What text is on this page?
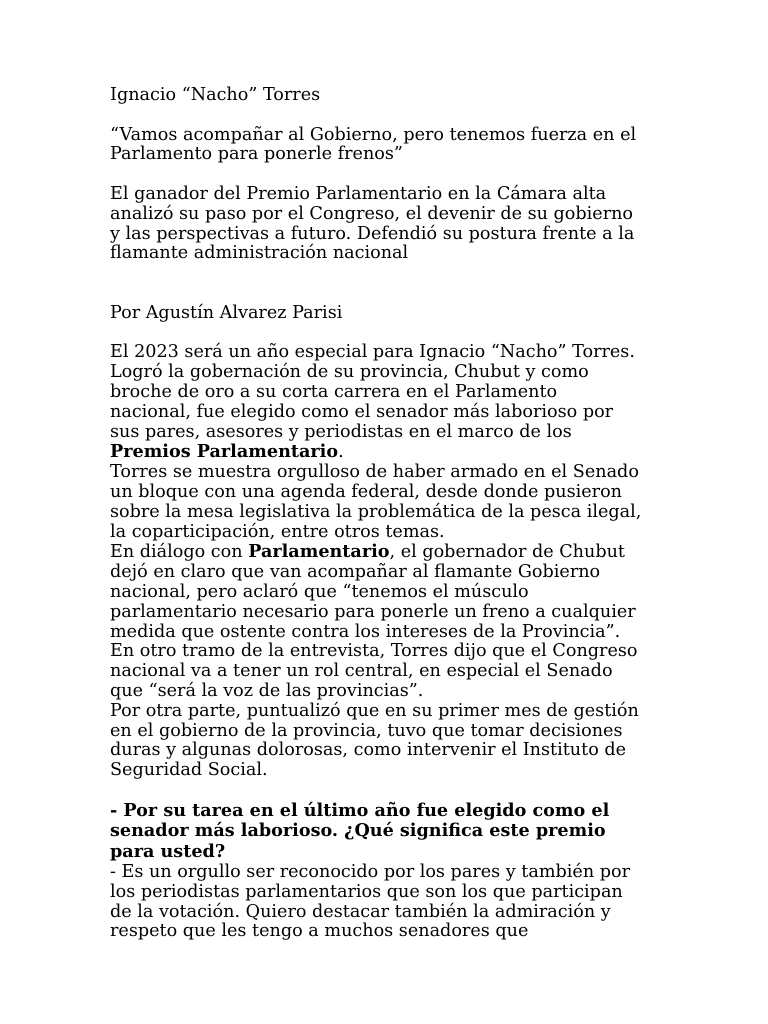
Ignacio “Nacho” Torres

“Vamos acompañar al Gobierno, pero tenemos fuerza en el
Parlamento para ponerle frenos”

El ganador del Premio Parlamentario en la Cámara alta
analizó su paso por el Congreso, el devenir de su gobierno
y las perspectivas a futuro. Defendió su postura frente a la
flamante administración nacional

Por Agustín Alvarez Parisi

El 2023 será un año especial para Ignacio “Nacho” Torres.
Logró la gobernación de su provincia, Chubut y como
broche de oro a su corta carrera en el Parlamento
nacional, fue elegido como el senador más laborioso por
sus pares, asesores y periodistas en el marco de los
Premios Parlamentario.

Torres se muestra orgulloso de haber armado en el Senado
un bloque con una agenda federal, desde donde pusieron
sobre la mesa legislativa la problemática de la pesca ilegal,
la coparticipación, entre otros temas.

En diálogo con Parlamentario, el gobernador de Chubut
dejó en claro que van acompañar al flamante Gobierno
nacional, pero aclaró que “tenemos el músculo
parlamentario necesario para ponerle un freno a cualquier
medida que ostente contra los intereses de la Provincia”.

En otro tramo de la entrevista, Torres dijo que el Congreso
nacional va a tener un rol central, en especial el Senado
que “será la voz de las provincias”.

Por otra parte, puntualizó que en su primer mes de gestión
en el gobierno de la provincia, tuvo que tomar decisiones
duras y algunas dolorosas, como intervenir el Instituto de
Seguridad Social.

- Por su tarea en el último año fue elegido como el
senador más laborioso. ¿Qué significa este premio
para usted?

- Es un orgullo ser reconocido por los pares y también por
los periodistas parlamentarios que son los que participan
de la votación. Quiero destacar también la admiración y
respeto que les tengo a muchos senadores que
